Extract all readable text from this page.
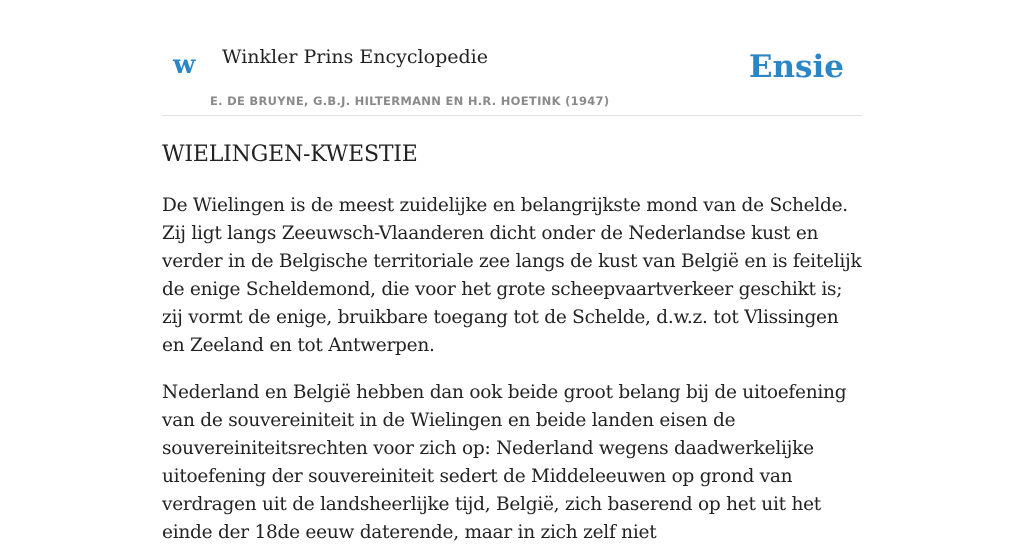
w Winkler Prins Encyclopedie
E. DE BRUYNE, G.B.J. HILTERMANN EN H.R. HOETINK (1947)
Ensie
WIELINGEN-KWESTIE

De Wielingen is de meest zuidelijke en belangrijkste mond van de Schelde. Zij ligt langs Zeeuwsch-Vlaanderen dicht onder de Nederlandse kust en verder in de Belgische territoriale zee langs de kust van België en is feitelijk de enige Scheldemond, die voor het grote scheepvaartverkeer geschikt is; zij vormt de enige, bruikbare toegang tot de Schelde, d.w.z. tot Vlissingen en Zeeland en tot Antwerpen.

Nederland en België hebben dan ook beide groot belang bij de uitoefening van de souvereiniteit in de Wielingen en beide landen eisen de souvereiniteitsrechten voor zich op: Nederland wegens daadwerkelijke uitoefening der souvereiniteit sedert de Middeleeuwen op grond van verdragen uit de landsheerlijke tijd, België, zich baserend op het uit het einde der 18de eeuw daterende, maar in zich zelf niet
